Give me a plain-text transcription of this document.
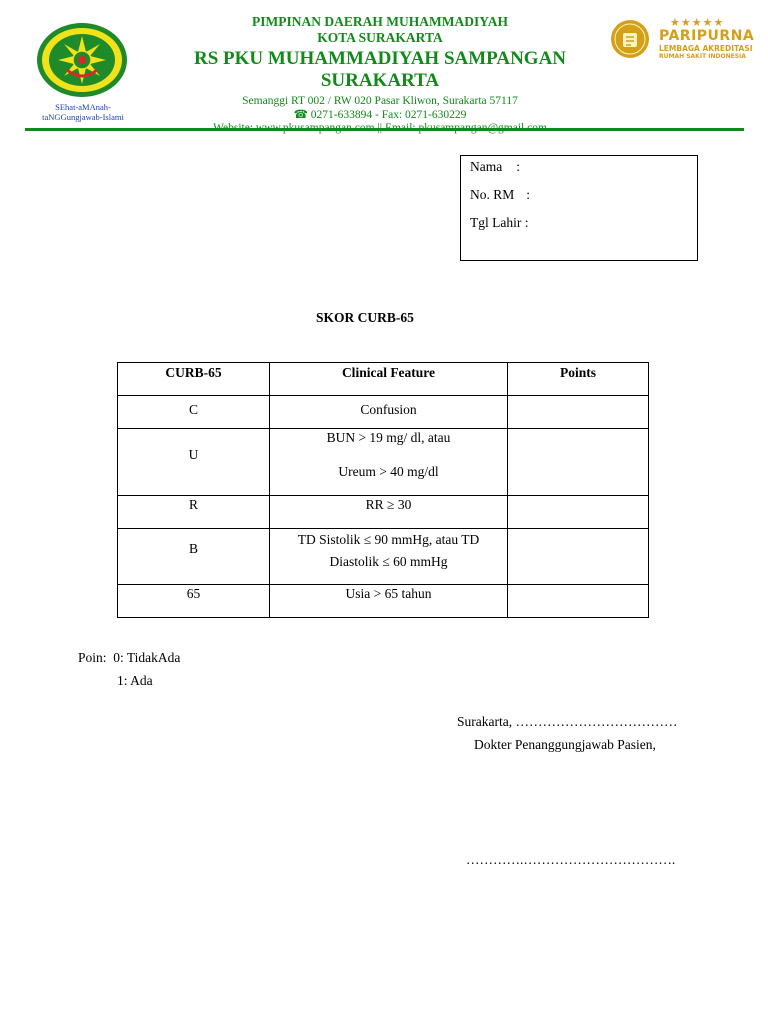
SEhat-aMAnah-
taNGGungjawab-Islami
PIMPINAN DAERAH MUHAMMADIYAH
KOTA SURAKARTA
RS PKU MUHAMMADIYAH SAMPANGAN
SURAKARTA
Semanggi RT 002 / RW 020 Pasar Kliwon, Surakarta 57117
☎ 0271-633894 - Fax: 0271-630229
★★★★★
PARIPURNA
LEMBAGA AKREDITASI
RUMAH SAKIT INDONESIA
Nama :
No. RM :
Tgl Lahir :
SKOR CURB-65
CURB-65	Clinical Feature	Points

C	Confusion	

U	BUN > 19 mg/ dl, atau
Ureum > 40 mg/dl	

R	RR ≥ 30	

B	TD Sistolik ≤ 90 mmHg, atau TD
Diastolik ≤ 60 mmHg	

65	Usia > 65 tahun	

Poin:  0: TidakAda
1: Ada
Surakarta, ………………………………
Dokter Penanggungjawab Pasien,
………….…………………………….
